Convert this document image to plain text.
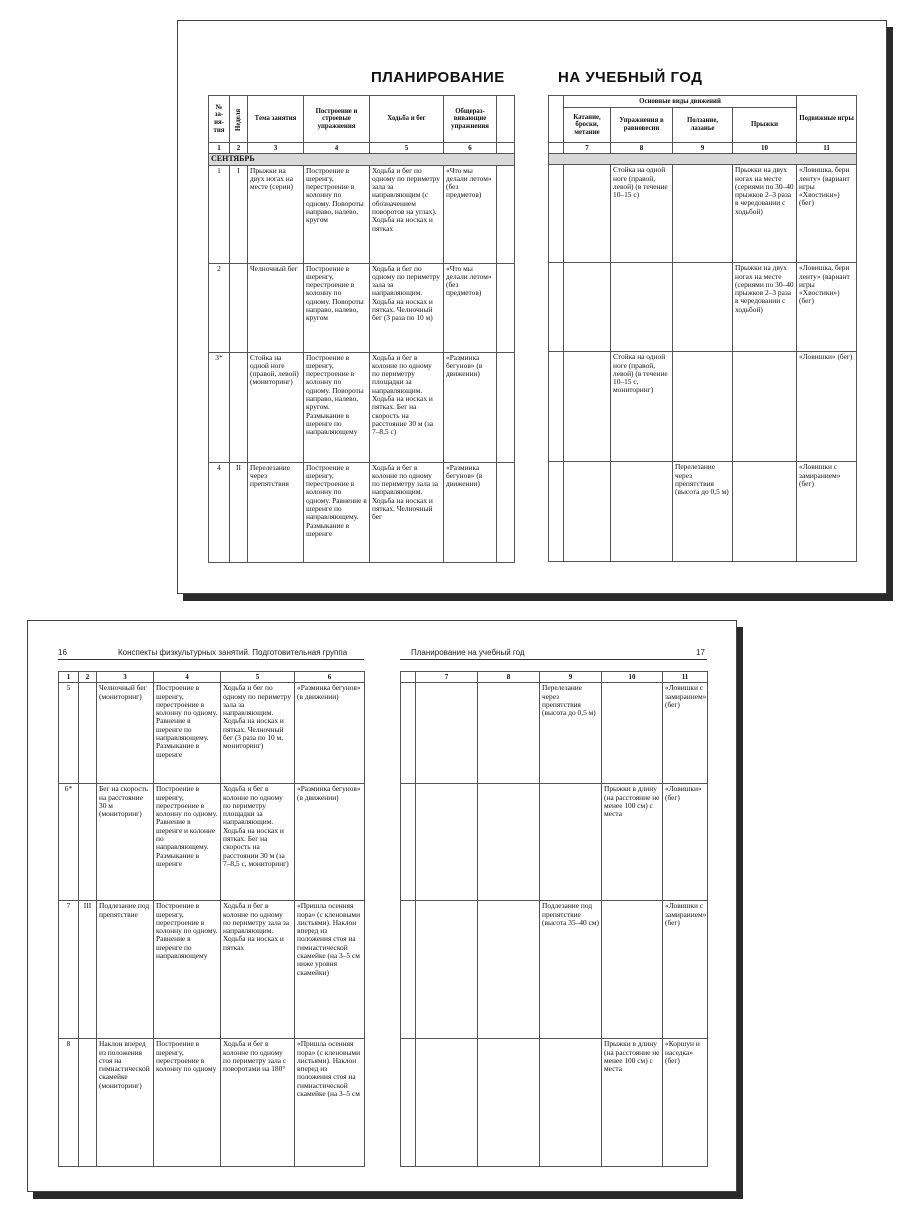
ПЛАНИРОВАНИЕ	НА УЧЕБНЫЙ ГОД
№ за- ня- тия	Неделя	Тема занятия	Построение и строевые упражнения	Ходьба и бег	Общераз- вивающие упражнения	
1	2	3	4	5	6	
СЕНТЯБРЬ						
1	I	Прыжки на двух ногах на месте (серии)	Построение в шеренгу, перестроение в колонну по одному. Повороты направо, налево, кругом	Ходьба и бег по одному по периметру зала за направляющим (с обозначением поворотов на углах). Ходьба на носках и пятках	«Что мы делали летом» (без предметов)	
2		Челночный бег	Построение в шеренгу, перестроение в колонну по одному. Повороты направо, налево, кругом	Ходьба и бег по одному по периметру зала за направляющим. Ходьба на носках и пятках. Челночный бег (3 раза по 10 м)	«Что мы делали летом» (без предметов)	
3*		Стойка на одной ноге (правой, левой) (мониторинг)	Построение в шеренгу, перестроение в колонну по одному. Повороты направо, налево, кругом. Размыкание в шеренге по направляющему	Ходьба и бег в колонне по одному по периметру площадки за направляющим. Ходьба на носках и пятках. Бег на скорость на расстояние 30 м (за 7–8,5 с)	«Разминка бегунов» (в движении)	
4	II	Перелезание через препятствия	Построение в шеренгу, перестроение в колонну по одному. Равнение в шеренге по направляющему. Размыкание в шеренге	Ходьба и бег в колонне по одному по периметру зала за направляющим. Ходьба на носках и пятках. Челночный бег	«Разминка бегунов» (в движении)	
	Основные виды движений				Подвижные игры
	Катание, броски, метание	Упражнения в равновесии	Ползание, лазанье	Прыжки	
	7	8	9	10	11

		Стойка на одной ноге (правой, левой) (в течение 10–15 с)		Прыжки на двух ногах на месте (сериями по 30–40 прыжков 2–3 раза в чередовании с ходьбой)	«Ловишка, бери ленту» (вариант игры «Хвостики») (бег)
				Прыжки на двух ногах на месте (сериями по 30–40 прыжков 2–3 раза в чередовании с ходьбой)	«Ловишка, бери ленту» (вариант игры «Хвостики») (бег)
		Стойка на одной ноге (правой, левой) (в течение 10–15 с, мониторинг)			«Ловишки» (бег)
			Перелезание через препятствия (высота до 0,5 м)		«Ловишки с замиранием» (бег)
16	Конспекты физкультурных занятий. Подготовительная группа	Планирование на учебный год	17
1	2	3	4	5	6
5		Челночный бег (мониторинг)	Построение в шеренгу, перестроение в колонну по одному. Равнение в шеренге по направляющему. Размыкание в шеренге	Ходьба и бег по одному по периметру зала за направляющим. Ходьба на носках и пятках. Челночный бег (3 раза по 10 м, мониторинг)	«Разминка бегунов» (в движении)
6*		Бег на скорость на расстояние 30 м (мониторинг)	Построение в шеренгу, перестроение в колонну по одному. Равнение в шеренге и колонне по направляющему. Размыкание в шеренге	Ходьба и бег в колонне по одному по периметру площадки за направляющим. Ходьба на носках и пятках. Бег на скорость на расстоянии 30 м (за 7–8,5 с, мониторинг)	«Разминка бегунов» (в движении)
7	III	Подлезание под препятствие	Построение в шеренгу, перестроение в колонну по одному. Равнение в шеренге по направляющему	Ходьба и бег в колонне по одному по периметру зала за направляющим. Ходьба на носках и пятках	«Пришла осенняя пора» (с кленовыми листьями). Наклон вперед из положения стоя на гимнастической скамейке (на 3–5 см ниже уровня скамейки)
8		Наклон вперед из положения стоя на гимнастической скамейке (мониторинг)	Построение в шеренгу, перестроение в колонну по одному	Ходьба и бег в колонне по одному по периметру зала с поворотами на 180°	«Пришла осенняя пора» (с кленовыми листьями). Наклон вперед из положения стоя на гимнастической скамейке (на 3–5 см
	7	8	9	10	11
			Перелезание через препятствия (высота до 0,5 м)		«Ловишки с замиранием» (бег)
				Прыжки в длину (на расстояние не менее 100 см) с места	«Ловишки» (бег)
			Подлезание под препятствие (высота 35–40 см)		«Ловишки с замиранием» (бег)
				Прыжки в длину (на расстояние не менее 100 см) с места	«Коршун и наседка» (бег)
